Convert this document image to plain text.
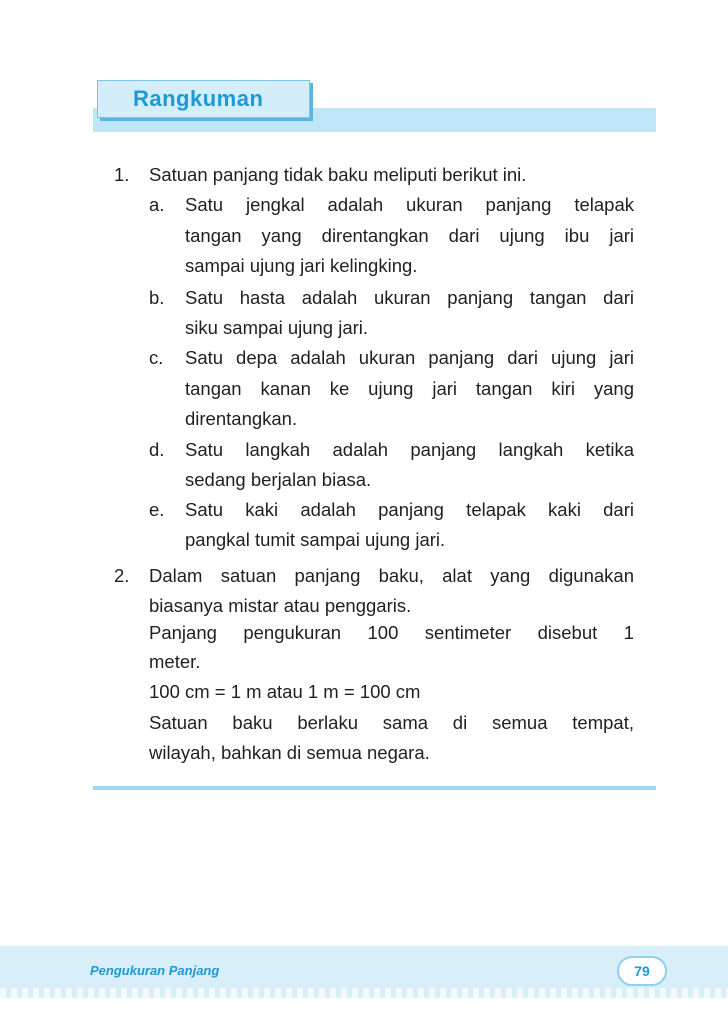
Rangkuman
1. Satuan panjang tidak baku meliputi berikut ini.
a. Satu jengkal adalah ukuran panjang telapak
tangan yang direntangkan dari ujung ibu jari
sampai ujung jari kelingking.
b. Satu hasta adalah ukuran panjang tangan dari
siku sampai ujung jari.
c. Satu depa adalah ukuran panjang dari ujung jari
tangan kanan ke ujung jari tangan kiri yang
direntangkan.
d. Satu langkah adalah panjang langkah ketika
sedang berjalan biasa.
e. Satu kaki adalah panjang telapak kaki dari
pangkal tumit sampai ujung jari.
2. Dalam satuan panjang baku, alat yang digunakan
biasanya mistar atau penggaris.
Panjang pengukuran 100 sentimeter disebut 1
meter.
100 cm = 1 m atau 1 m = 100 cm
Satuan baku berlaku sama di semua tempat,
wilayah, bahkan di semua negara.
Pengukuran Panjang	79
